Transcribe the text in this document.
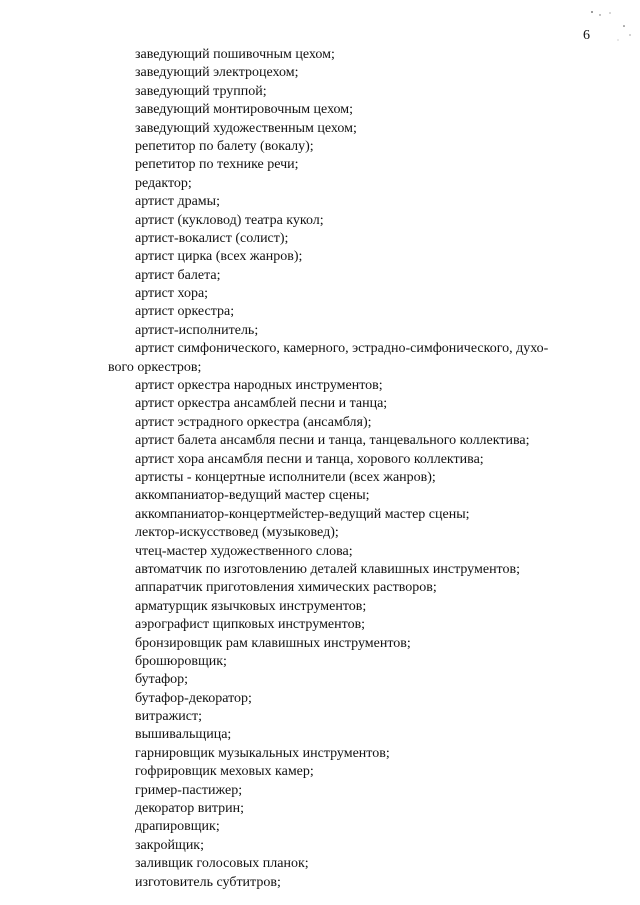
6
заведующий пошивочным цехом;
заведующий электроцехом;
заведующий труппой;
заведующий монтировочным цехом;
заведующий художественным цехом;
репетитор по балету (вокалу);
репетитор по технике речи;
редактор;
артист драмы;
артист (кукловод) театра кукол;
артист-вокалист (солист);
артист цирка (всех жанров);
артист балета;
артист хора;
артист оркестра;
артист-исполнитель;
артист симфонического, камерного, эстрадно-симфонического, духо-
вого оркестров;
артист оркестра народных инструментов;
артист оркестра ансамблей песни и танца;
артист эстрадного оркестра (ансамбля);
артист балета ансамбля песни и танца, танцевального коллектива;
артист хора ансамбля песни и танца, хорового коллектива;
артисты - концертные исполнители (всех жанров);
аккомпаниатор-ведущий мастер сцены;
аккомпаниатор-концертмейстер-ведущий мастер сцены;
лектор-искусствовед (музыковед);
чтец-мастер художественного слова;
автоматчик по изготовлению деталей клавишных инструментов;
аппаратчик приготовления химических растворов;
арматурщик язычковых инструментов;
аэрографист щипковых инструментов;
бронзировщик рам клавишных инструментов;
брошюровщик;
бутафор;
бутафор-декоратор;
витражист;
вышивальщица;
гарнировщик музыкальных инструментов;
гофрировщик меховых камер;
гример-пастижер;
декоратор витрин;
драпировщик;
закройщик;
заливщик голосовых планок;
изготовитель субтитров;
